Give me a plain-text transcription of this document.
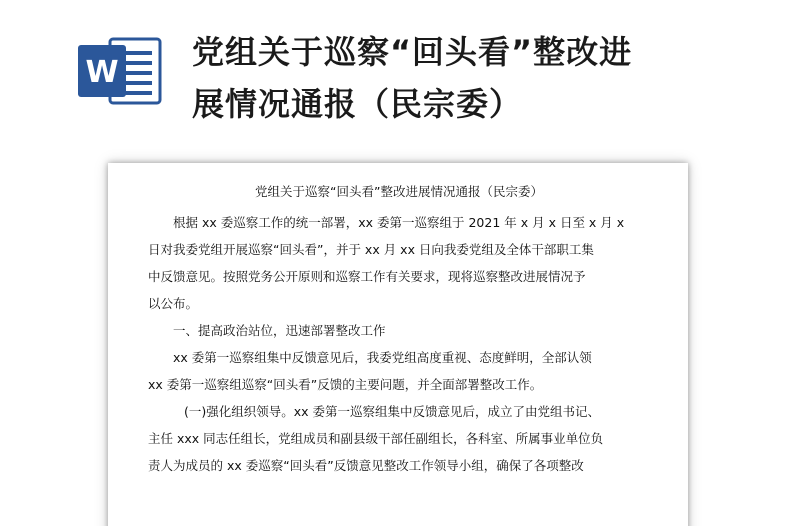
W
党组关于巡察“回头看”整改进
展情况通报（民宗委）
党组关于巡察“回头看”整改进展情况通报（民宗委）
根据 xx 委巡察工作的统一部署，xx 委第一巡察组于 2021 年 x 月 x 日至 x 月 x
日对我委党组开展巡察“回头看”，并于 xx 月 xx 日向我委党组及全体干部职工集
中反馈意见。按照党务公开原则和巡察工作有关要求，现将巡察整改进展情况予
以公布。
一、提高政治站位，迅速部署整改工作
xx 委第一巡察组集中反馈意见后，我委党组高度重视、态度鲜明，全部认领
xx 委第一巡察组巡察“回头看”反馈的主要问题，并全面部署整改工作。
(一)强化组织领导。xx 委第一巡察组集中反馈意见后，成立了由党组书记、
主任 xxx 同志任组长，党组成员和副县级干部任副组长，各科室、所属事业单位负
责人为成员的 xx 委巡察“回头看”反馈意见整改工作领导小组，确保了各项整改
